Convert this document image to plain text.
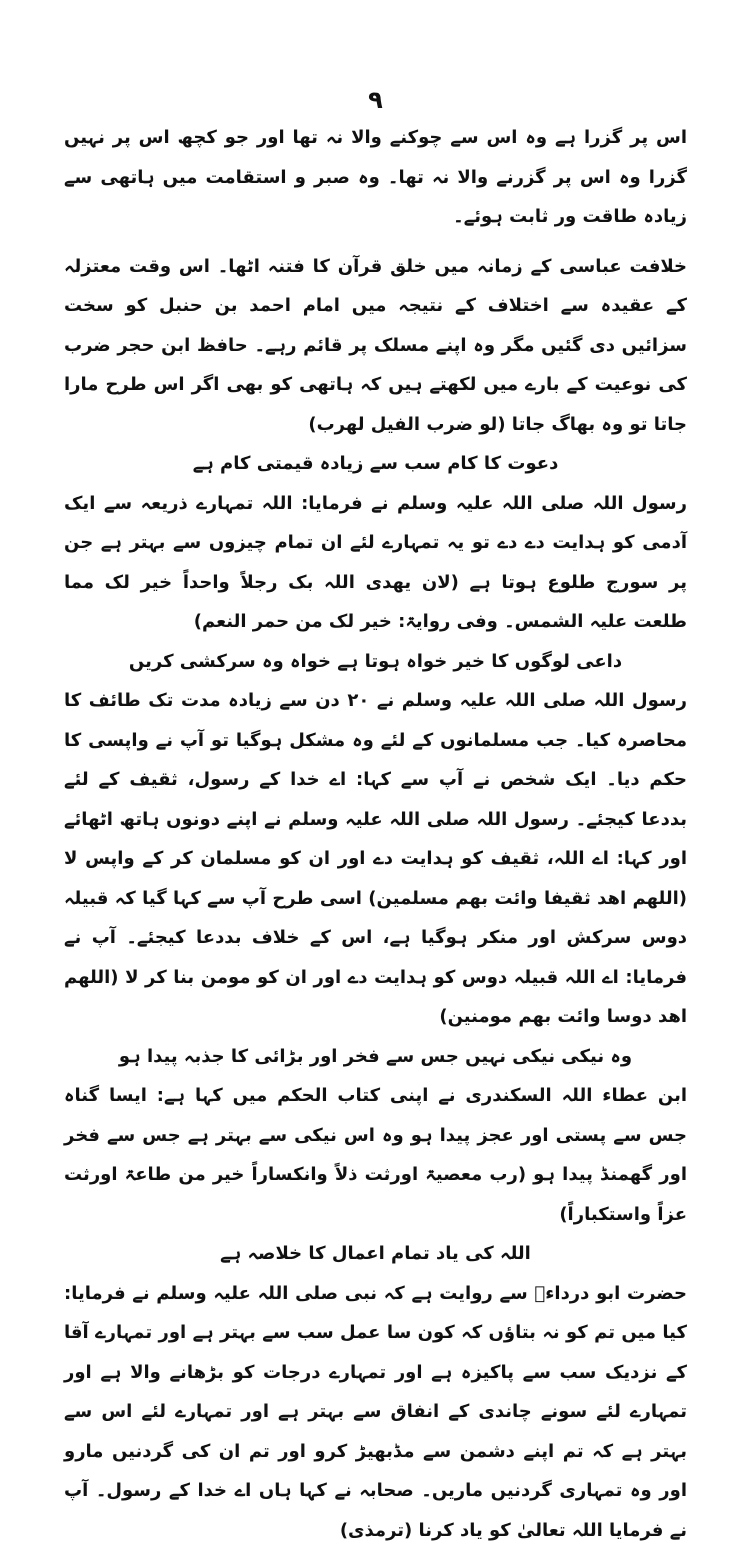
۹

اس پر گزرا ہے وہ اس سے چوکنے والا نہ تھا اور جو کچھ اس پر نہیں گزرا وہ اس پر گزرنے والا نہ تھا۔ وہ صبر و استقامت میں ہاتھی سے زیادہ طاقت ور ثابت ہوئے۔

خلافت عباسی کے زمانہ میں خلق قرآن کا فتنہ اٹھا۔ اس وقت معتزلہ کے عقیدہ سے اختلاف کے نتیجہ میں امام احمد بن حنبل کو سخت سزائیں دی گئیں مگر وہ اپنے مسلک پر قائم رہے۔ حافظ ابن حجر ضرب کی نوعیت کے بارے میں لکھتے ہیں کہ ہاتھی کو بھی اگر اس طرح مارا جاتا تو وہ بھاگ جاتا (لو ضرب الفیل لھرب)

دعوت کا کام سب سے زیادہ قیمتی کام ہے

رسول اللہ صلی اللہ علیہ وسلم نے فرمایا: اللہ تمہارے ذریعہ سے ایک آدمی کو ہدایت دے دے تو یہ تمہارے لئے ان تمام چیزوں سے بہتر ہے جن پر سورج طلوع ہوتا ہے (لان یھدی اللہ بک رجلاً واحداً خیر لک مما طلعت علیہ الشمس۔ وفی روایۃ: خیر لک من حمر النعم)

داعی لوگوں کا خیر خواہ ہوتا ہے خواہ وہ سرکشی کریں

رسول اللہ صلی اللہ علیہ وسلم نے ۲۰ دن سے زیادہ مدت تک طائف کا محاصرہ کیا۔ جب مسلمانوں کے لئے وہ مشکل ہوگیا تو آپ نے واپسی کا حکم دیا۔ ایک شخص نے آپ سے کہا: اے خدا کے رسول، ثقیف کے لئے بددعا کیجئے۔ رسول اللہ صلی اللہ علیہ وسلم نے اپنے دونوں ہاتھ اٹھائے اور کہا: اے اللہ، ثقیف کو ہدایت دے اور ان کو مسلمان کر کے واپس لا (اللھم اھد ثقیفا وائت بھم مسلمین) اسی طرح آپ سے کہا گیا کہ قبیلہ دوس سرکش اور منکر ہوگیا ہے، اس کے خلاف بددعا کیجئے۔ آپ نے فرمایا: اے اللہ قبیلہ دوس کو ہدایت دے اور ان کو مومن بنا کر لا (اللھم اھد دوسا وائت بھم مومنین)

وہ نیکی نیکی نہیں جس سے فخر اور بڑائی کا جذبہ پیدا ہو

ابن عطاء اللہ السکندری نے اپنی کتاب الحکم میں کہا ہے: ایسا گناہ جس سے پستی اور عجز پیدا ہو وہ اس نیکی سے بہتر ہے جس سے فخر اور گھمنڈ پیدا ہو (رب معصیۃ اورثت ذلاً وانکساراً خیر من طاعۃ اورثت عزاً واستکباراً)

اللہ کی یاد تمام اعمال کا خلاصہ ہے

حضرت ابو درداءؓ سے روایت ہے کہ نبی صلی اللہ علیہ وسلم نے فرمایا: کیا میں تم کو نہ بتاؤں کہ کون سا عمل سب سے بہتر ہے اور تمہارے آقا کے نزدیک سب سے پاکیزہ ہے اور تمہارے درجات کو بڑھانے والا ہے اور تمہارے لئے سونے چاندی کے انفاق سے بہتر ہے اور تمہارے لئے اس سے بہتر ہے کہ تم اپنے دشمن سے مڈبھیڑ کرو اور تم ان کی گردنیں مارو اور وہ تمہاری گردنیں ماریں۔ صحابہ نے کہا ہاں اے خدا کے رسول۔ آپ نے فرمایا اللہ تعالیٰ کو یاد کرنا (ترمذی)
